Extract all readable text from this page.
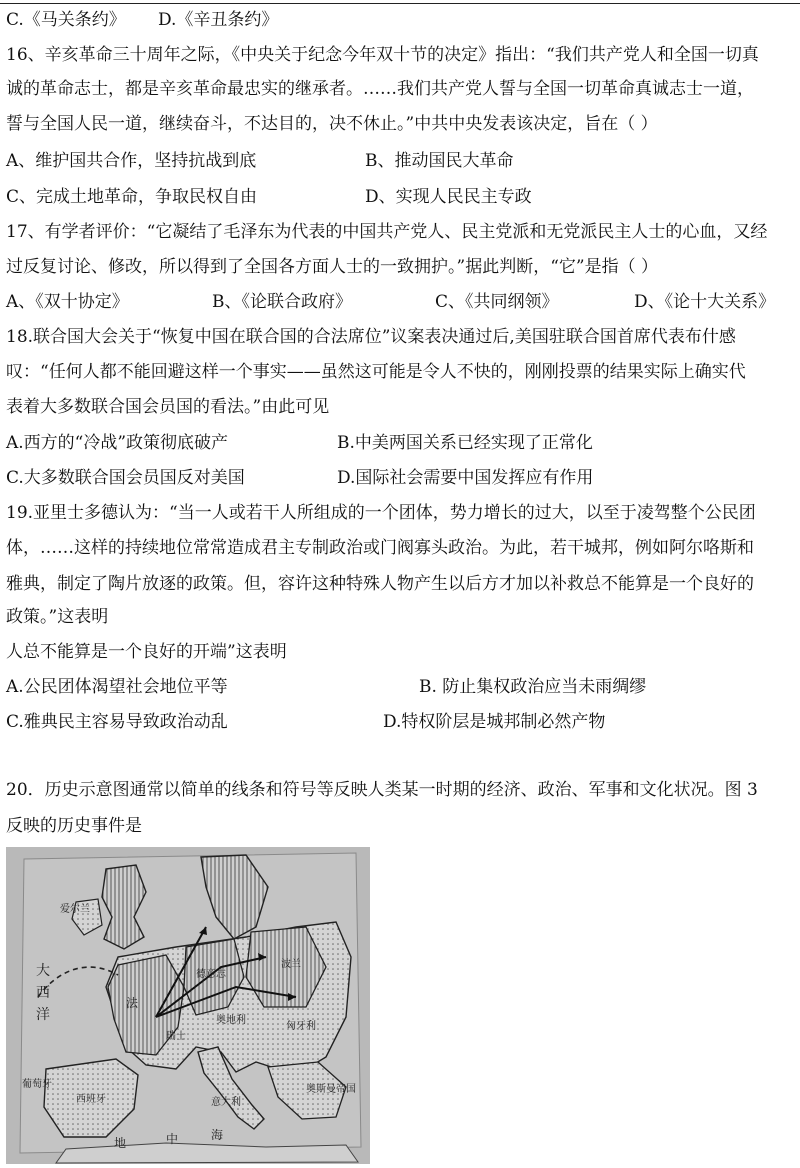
C.《马关条约》 D.《辛丑条约》
16、辛亥革命三十周年之际，《中央关于纪念今年双十节的决定》指出：“我们共产党人和全国一切真
诚的革命志士，都是辛亥革命最忠实的继承者。……我们共产党人誓与全国一切革命真诚志士一道，
誓与全国人民一道，继续奋斗，不达目的，决不休止。”中共中央发表该决定，旨在（ ）
A、维护国共合作，坚持抗战到底	B、推动国民大革命
C、完成土地革命，争取民权自由	D、实现人民民主专政
17、有学者评价：“它凝结了毛泽东为代表的中国共产党人、民主党派和无党派民主人士的心血，又经
过反复讨论、修改，所以得到了全国各方面人士的一致拥护。”据此判断，“它”是指（ ）
A、《双十协定》	B、《论联合政府》	C、《共同纲领》	D、《论十大关系》
18.联合国大会关于“恢复中国在联合国的合法席位”议案表决通过后,美国驻联合国首席代表布什感
叹：“任何人都不能回避这样一个事实——虽然这可能是令人不快的，刚刚投票的结果实际上确实代
表着大多数联合国会员国的看法。”由此可见
A.西方的“冷战”政策彻底破产	B.中美两国关系已经实现了正常化
C.大多数联合国会员国反对美国	D.国际社会需要中国发挥应有作用
19.亚里士多德认为：“当一人或若干人所组成的一个团体，势力增长的过大，以至于凌驾整个公民团
体，……这样的持续地位常常造成君主专制政治或门阀寡头政治。为此，若干城邦，例如阿尔咯斯和
雅典，制定了陶片放逐的政策。但，容许这种特殊人物产生以后方才加以补救总不能算是一个良好的
政策。”这表明
人总不能算是一个良好的开端”这表明
A.公民团体渴望社会地位平等	B. 防止集权政治应当未雨绸缪
C.雅典民主容易导致政治动乱	D.特权阶层是城邦制必然产物
20．历史示意图通常以简单的线条和符号等反映人类某一时期的经济、政治、军事和文化状况。图 3
反映的历史事件是
爱尔兰
大
西
洋
法
德意志
波兰
瑞士
匈牙利
奥地利
意大利
奥斯曼帝国
西班牙
葡萄牙
地	中	海
